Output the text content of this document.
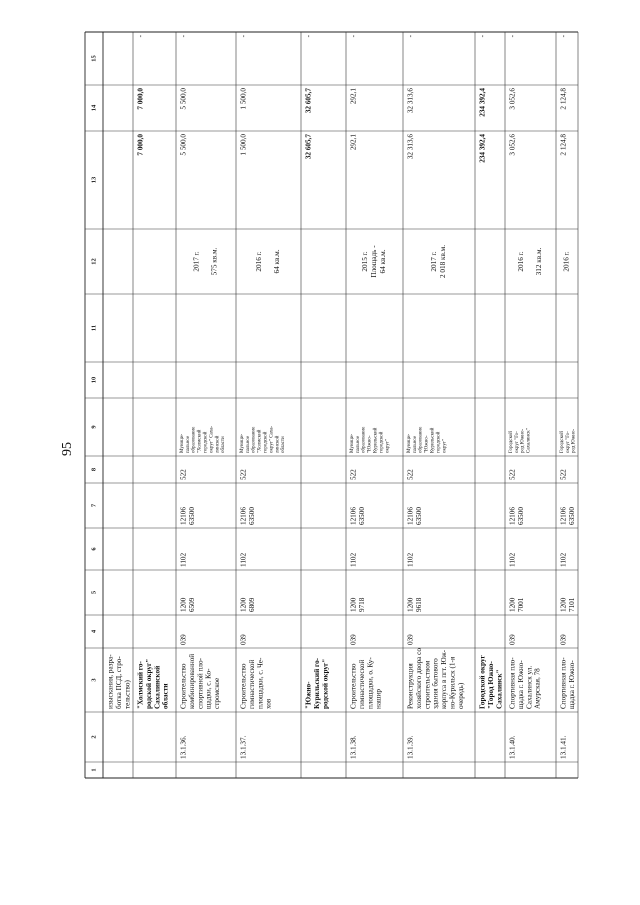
95
1
2
3
4
5
6
7
8
9
10
11
12
13
14
15
изыскания, разра- ботка ПСД, стро- тельство) "Холмский го- родской округ" Сахалинской области
7 000,0
7 000,0
-
13.1.36.
Строительство комбинированной спортивной пло- щадки, с. Ко- стромское
039
1200 6509
1102
12106 63500
522
Муници- пальное образование "Холмский городской округ" Саха- линской области
2017 г. 575 кв.м.
5 500,0
5 500,0
-
13.1.37.
Строительство гимнастической площадки, с. Че- хов
039
1200 6809
1102
12106 63500
522
Муници- пальное образование "Холмский городской округ" Саха- линской области
2016 г. 64 кв.м.
1 500,0
1 500,0
-
"Южно- Курильский го- родской округ"
32 605,7
32 605,7
-
13.1.38.
Строительство гимнастической площадки, о. Ку- нашир
039
1200 9718
1102
12106 63500
522
Муници- пальное образование "Южно- Курильский городской округ"
2015 г. Площадь - 64 кв.м.
292,1
292,1
-
13.1.39.
Реконструкция хозяйского двора со строительством здания бытового корпуса в пгт. Юж- но-Курильск (1-я очередь)
039
1200 9618
1102
12106 63500
522
Муници- пальное образование "Южно- Курильский городской округ"
2017 г. 2 018 кв.м.
32 313,6
32 313,6
-
Городской округ "Город Южно- Сахалинск"
234 392,4
234 392,4
-
13.1.40.
Спортивная пло- щадка г. Южно- Сахалинск ул. Амурская, 78
039
1200 7001
1102
12106 63500
522
Городской округ "Го- род Южно- Сахалинск"
2016 г. 312 кв.м.
3 052,6
3 052,6
-
13.1.41.
Спортивная пло- щадка г. Южно-
039
1200 7101
1102
12106 63500
522
Городской округ "Го- род Южно-
2016 г.
2 124,8
2 124,8
-
